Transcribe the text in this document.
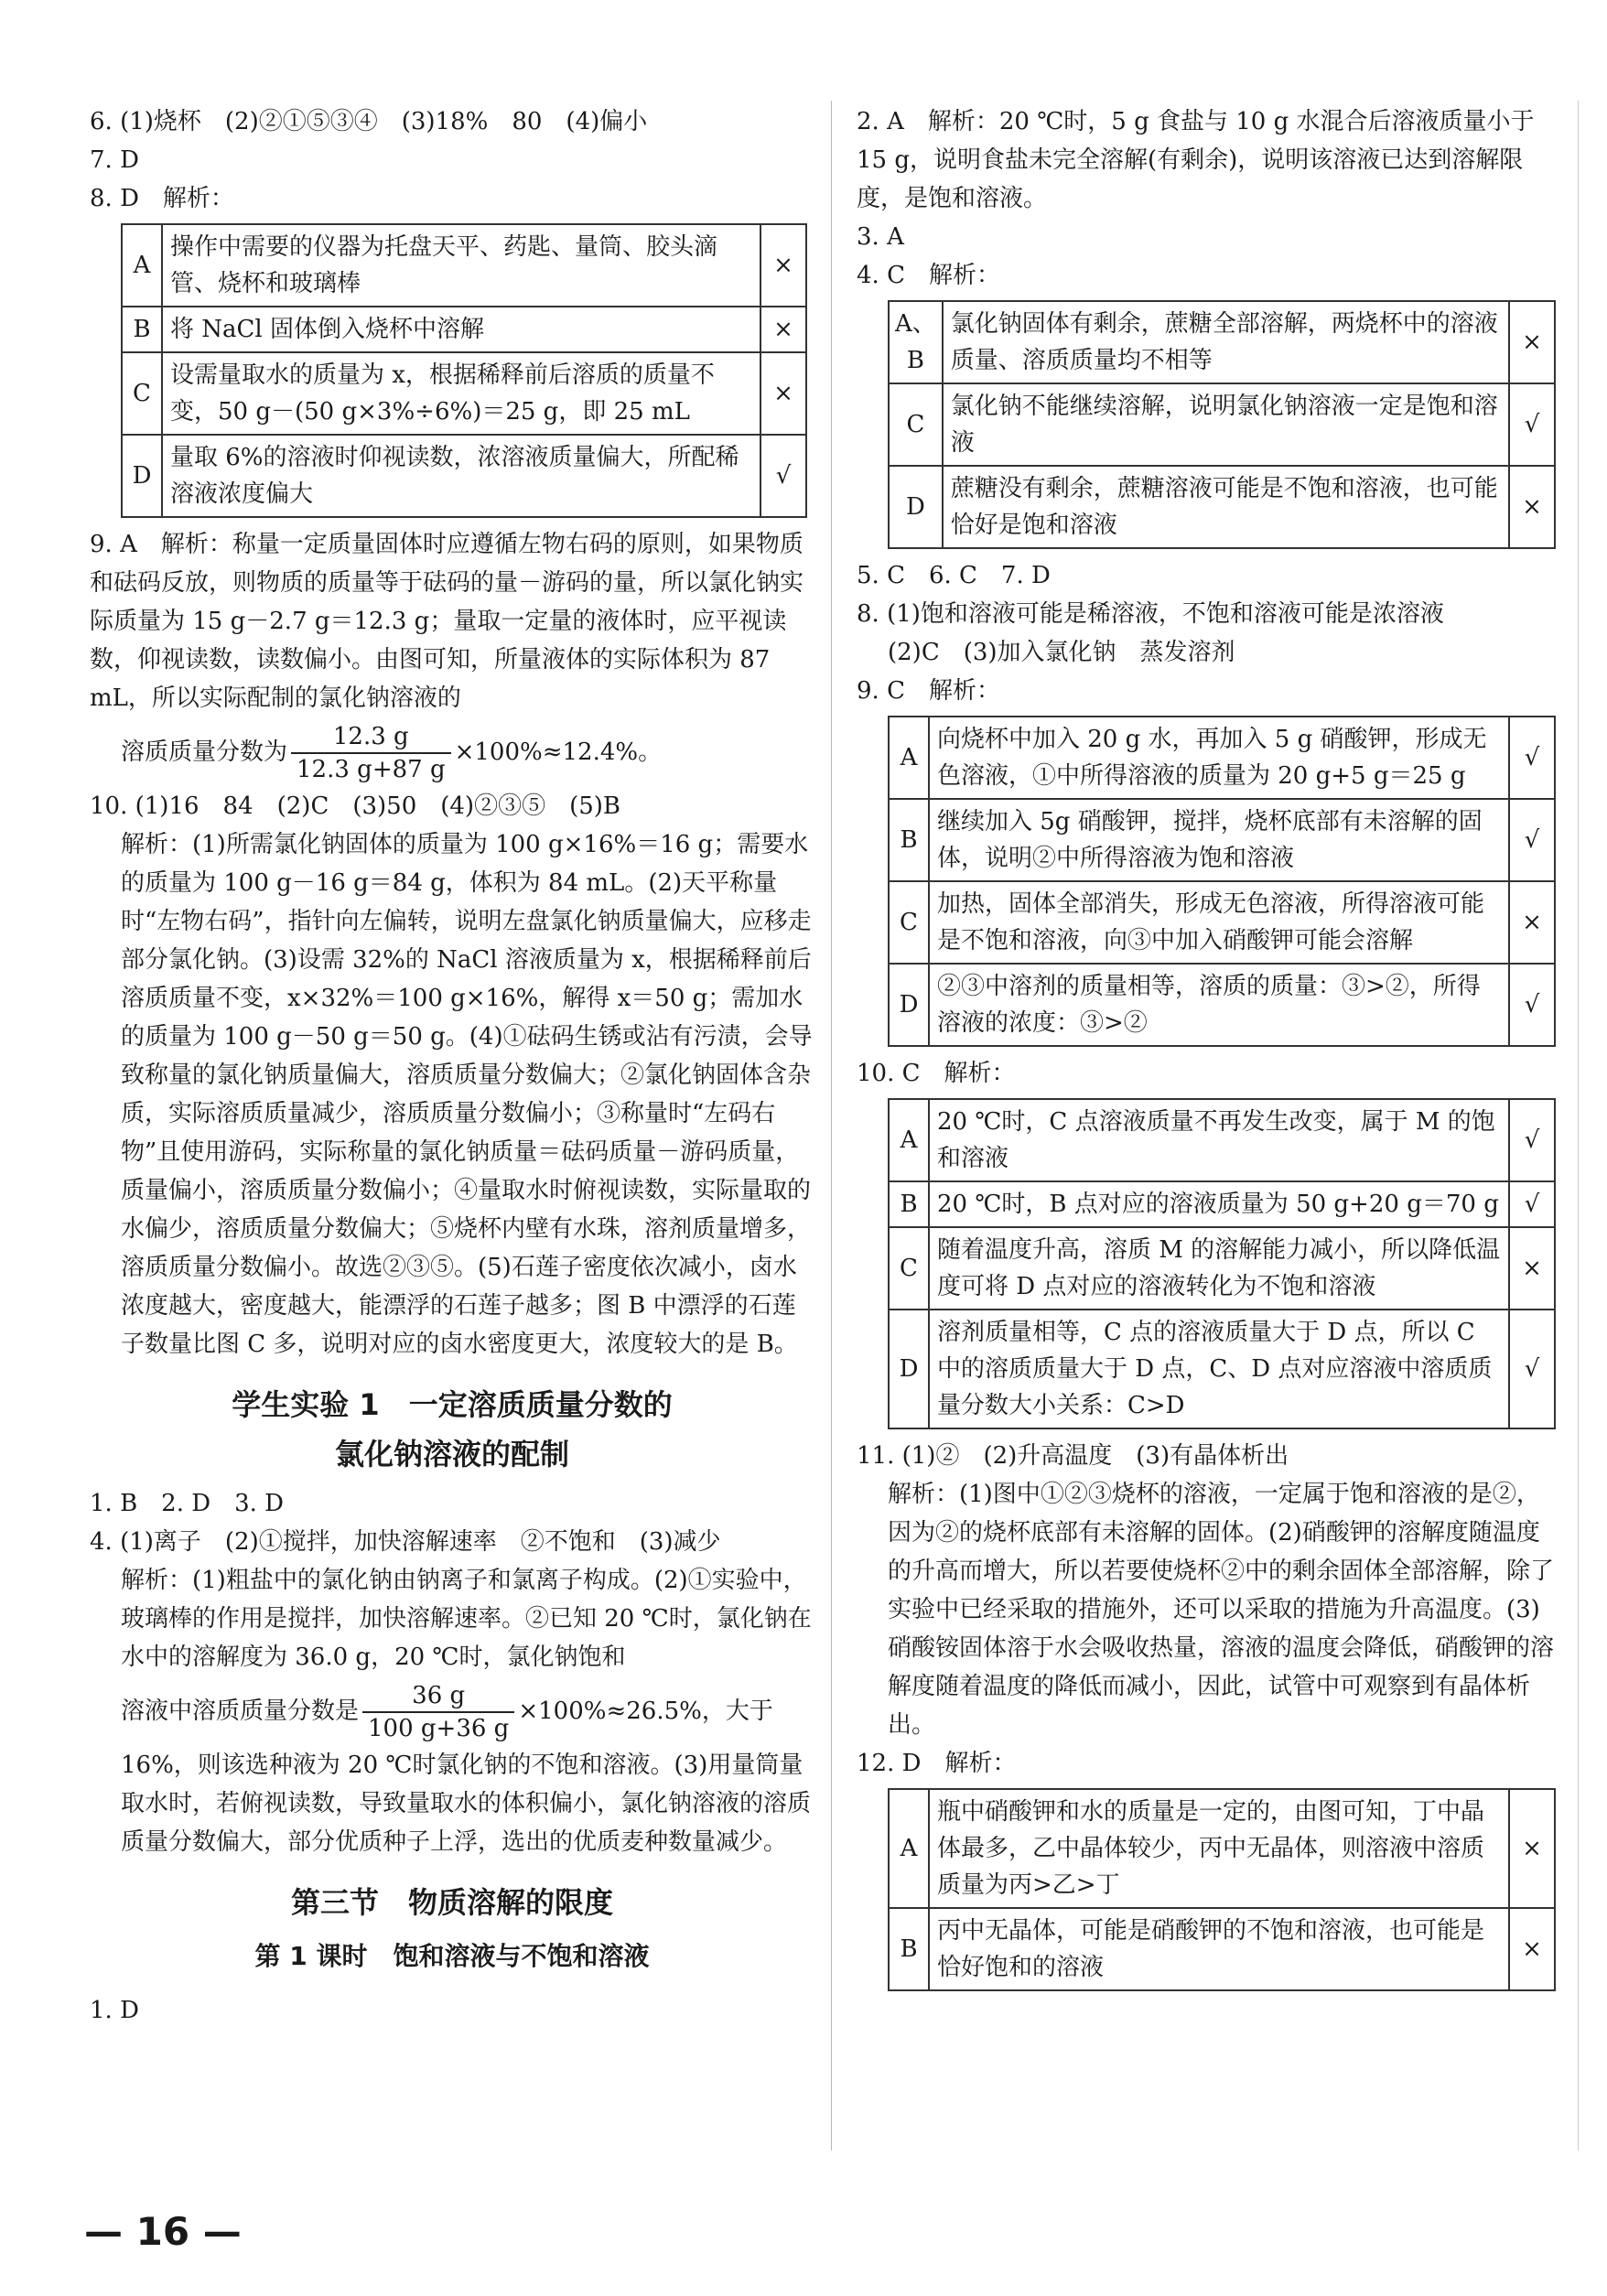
6. (1)烧杯　(2)②①⑤③④　(3)18%　80　(4)偏小

7. D

8. D　解析：

A	操作中需要的仪器为托盘天平、药匙、量筒、胶头滴管、烧杯和玻璃棒	×
B	将 NaCl 固体倒入烧杯中溶解	×
C	设需量取水的质量为 x，根据稀释前后溶质的质量不变，50 g－(50 g×3%÷6%)＝25 g，即 25 mL	×
D	量取 6%的溶液时仰视读数，浓溶液质量偏大，所配稀溶液浓度偏大	√

9. A　解析：称量一定质量固体时应遵循左物右码的原则，如果物质和砝码反放，则物质的质量等于砝码的量－游码的量，所以氯化钠实际质量为 15 g－2.7 g＝12.3 g；量取一定量的液体时，应平视读数，仰视读数，读数偏小。由图可知，所量液体的实际体积为 87 mL，所以实际配制的氯化钠溶液的

溶质质量分数为 $\frac{12.3 g}{12.3 g+87 g} \times 100\%\approx 12.4\%$。

10. (1)16　84　(2)C　(3)50　(4)②③⑤　(5)B

解析：(1)所需氯化钠固体的质量为 100 g×16%＝16 g；需要水的质量为 100 g－16 g＝84 g，体积为 84 mL。(2)天平称量时“左物右码”，指针向左偏转，说明左盘氯化钠质量偏大，应移走部分氯化钠。(3)设需 32%的 NaCl 溶液质量为 x，根据稀释前后溶质质量不变，x×32%＝100 g×16%，解得 x＝50 g；需加水的质量为 100 g－50 g＝50 g。(4)①砝码生锈或沾有污渍，会导致称量的氯化钠质量偏大，溶质质量分数偏大；②氯化钠固体含杂质，实际溶质质量减少，溶质质量分数偏小；③称量时“左码右物”且使用游码，实际称量的氯化钠质量＝砝码质量－游码质量，质量偏小，溶质质量分数偏小；④量取水时俯视读数，实际量取的水偏少，溶质质量分数偏大；⑤烧杯内壁有水珠，溶剂质量增多，溶质质量分数偏小。故选②③⑤。(5)石莲子密度依次减小，卤水浓度越大，密度越大，能漂浮的石莲子越多；图 B 中漂浮的石莲子数量比图 C 多，说明对应的卤水密度更大，浓度较大的是 B。

学生实验 1　一定溶质质量分数的
氯化钠溶液的配制

1. B　2. D　3. D

4. (1)离子　(2)①搅拌，加快溶解速率　②不饱和　(3)减少

解析：(1)粗盐中的氯化钠由钠离子和氯离子构成。(2)①实验中，玻璃棒的作用是搅拌，加快溶解速率。②已知 20 ℃时，氯化钠在水中的溶解度为 36.0 g，20 ℃时，氯化钠饱和

溶液中溶质质量分数是 $\frac{36 g}{100 g+36 g} \times 100\%\approx 26.5\%$，大于

16%，则该选种液为 20 ℃时氯化钠的不饱和溶液。(3)用量筒量取水时，若俯视读数，导致量取水的体积偏小，氯化钠溶液的溶质质量分数偏大，部分优质种子上浮，选出的优质麦种数量减少。

第三节　物质溶解的限度
第 1 课时　饱和溶液与不饱和溶液

1. D

2. A　解析：20 ℃时，5 g 食盐与 10 g 水混合后溶液质量小于 15 g，说明食盐未完全溶解(有剩余)，说明该溶液已达到溶解限度，是饱和溶液。

3. A

4. C　解析：

A、B	氯化钠固体有剩余，蔗糖全部溶解，两烧杯中的溶液质量、溶质质量均不相等	×
C	氯化钠不能继续溶解，说明氯化钠溶液一定是饱和溶液	√
D	蔗糖没有剩余，蔗糖溶液可能是不饱和溶液，也可能恰好是饱和溶液	×

5. C　6. C　7. D

8. (1)饱和溶液可能是稀溶液，不饱和溶液可能是浓溶液

(2)C　(3)加入氯化钠　蒸发溶剂

9. C　解析：

A	向烧杯中加入 20 g 水，再加入 5 g 硝酸钾，形成无色溶液，①中所得溶液的质量为 20 g+5 g＝25 g	√
B	继续加入 5g 硝酸钾，搅拌，烧杯底部有未溶解的固体，说明②中所得溶液为饱和溶液	√
C	加热，固体全部消失，形成无色溶液，所得溶液可能是不饱和溶液，向③中加入硝酸钾可能会溶解	×
D	②③中溶剂的质量相等，溶质的质量：③>②，所得溶液的浓度：③>②	√

10. C　解析：

A	20 ℃时，C 点溶液质量不再发生改变，属于 M 的饱和溶液	√
B	20 ℃时，B 点对应的溶液质量为 50 g+20 g＝70 g	√
C	随着温度升高，溶质 M 的溶解能力减小，所以降低温度可将 D 点对应的溶液转化为不饱和溶液	×
D	溶剂质量相等，C 点的溶液质量大于 D 点，所以 C 中的溶质质量大于 D 点，C、D 点对应溶液中溶质质量分数大小关系：C>D	√

11. (1)②　(2)升高温度　(3)有晶体析出

解析：(1)图中①②③烧杯的溶液，一定属于饱和溶液的是②，因为②的烧杯底部有未溶解的固体。(2)硝酸钾的溶解度随温度的升高而增大，所以若要使烧杯②中的剩余固体全部溶解，除了实验中已经采取的措施外，还可以采取的措施为升高温度。(3)硝酸铵固体溶于水会吸收热量，溶液的温度会降低，硝酸钾的溶解度随着温度的降低而减小，因此，试管中可观察到有晶体析出。

12. D　解析：

A	瓶中硝酸钾和水的质量是一定的，由图可知，丁中晶体最多，乙中晶体较少，丙中无晶体，则溶液中溶质质量为丙>乙>丁	×
B	丙中无晶体，可能是硝酸钾的不饱和溶液，也可能是恰好饱和的溶液	×
— 16 —
